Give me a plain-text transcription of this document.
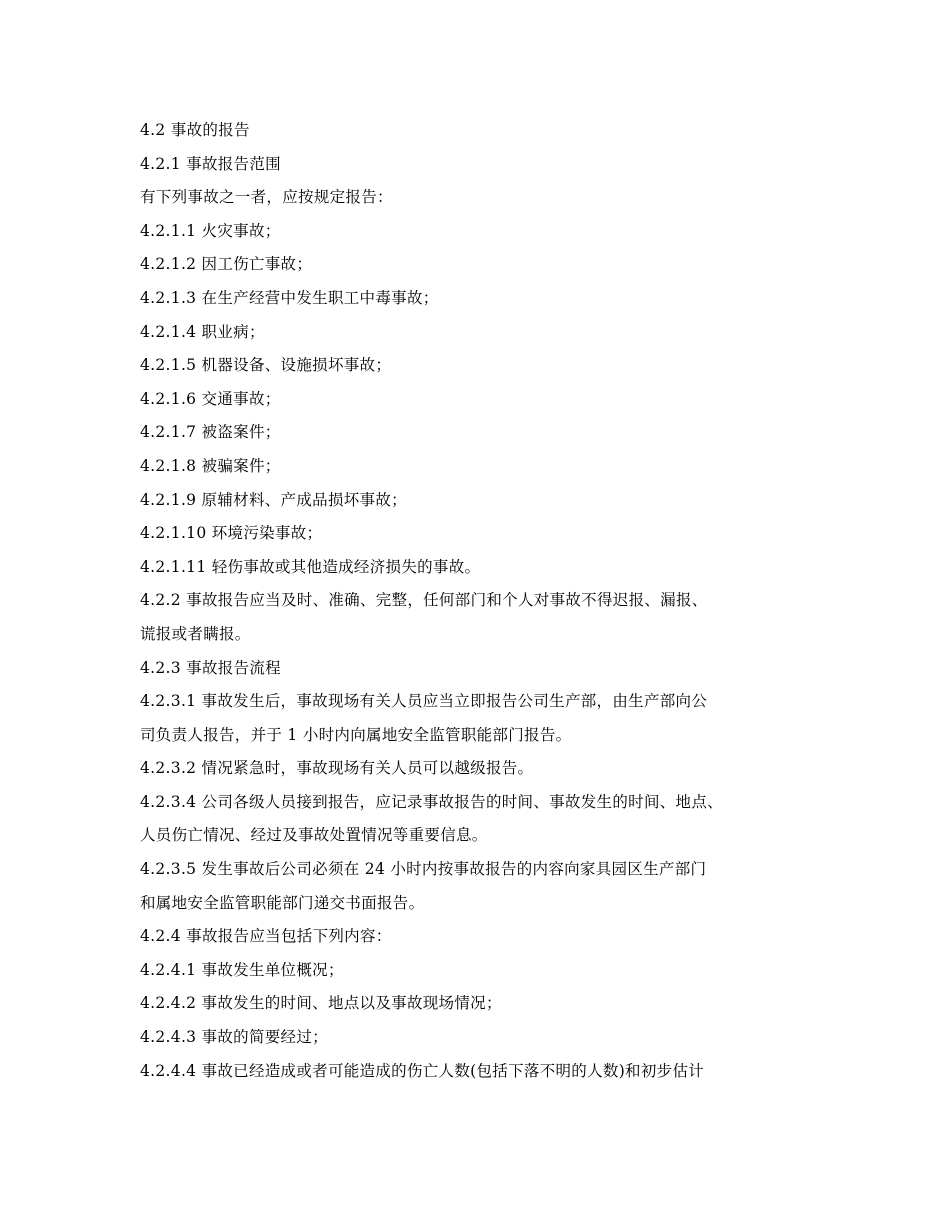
4.2 事故的报告
4.2.1 事故报告范围
有下列事故之一者，应按规定报告：
4.2.1.1 火灾事故；
4.2.1.2 因工伤亡事故；
4.2.1.3 在生产经营中发生职工中毒事故；
4.2.1.4 职业病；
4.2.1.5 机器设备、设施损坏事故；
4.2.1.6 交通事故；
4.2.1.7 被盗案件；
4.2.1.8 被骗案件；
4.2.1.9 原辅材料、产成品损坏事故；
4.2.1.10 环境污染事故；
4.2.1.11 轻伤事故或其他造成经济损失的事故。
4.2.2 事故报告应当及时、准确、完整，任何部门和个人对事故不得迟报、漏报、
谎报或者瞒报。
4.2.3 事故报告流程
4.2.3.1 事故发生后，事故现场有关人员应当立即报告公司生产部，由生产部向公
司负责人报告，并于 1 小时内向属地安全监管职能部门报告。
4.2.3.2 情况紧急时，事故现场有关人员可以越级报告。
4.2.3.4 公司各级人员接到报告，应记录事故报告的时间、事故发生的时间、地点、
人员伤亡情况、经过及事故处置情况等重要信息。
4.2.3.5 发生事故后公司必须在 24 小时内按事故报告的内容向家具园区生产部门
和属地安全监管职能部门递交书面报告。
4.2.4 事故报告应当包括下列内容：
4.2.4.1 事故发生单位概况；
4.2.4.2 事故发生的时间、地点以及事故现场情况；
4.2.4.3 事故的简要经过；
4.2.4.4 事故已经造成或者可能造成的伤亡人数(包括下落不明的人数)和初步估计
